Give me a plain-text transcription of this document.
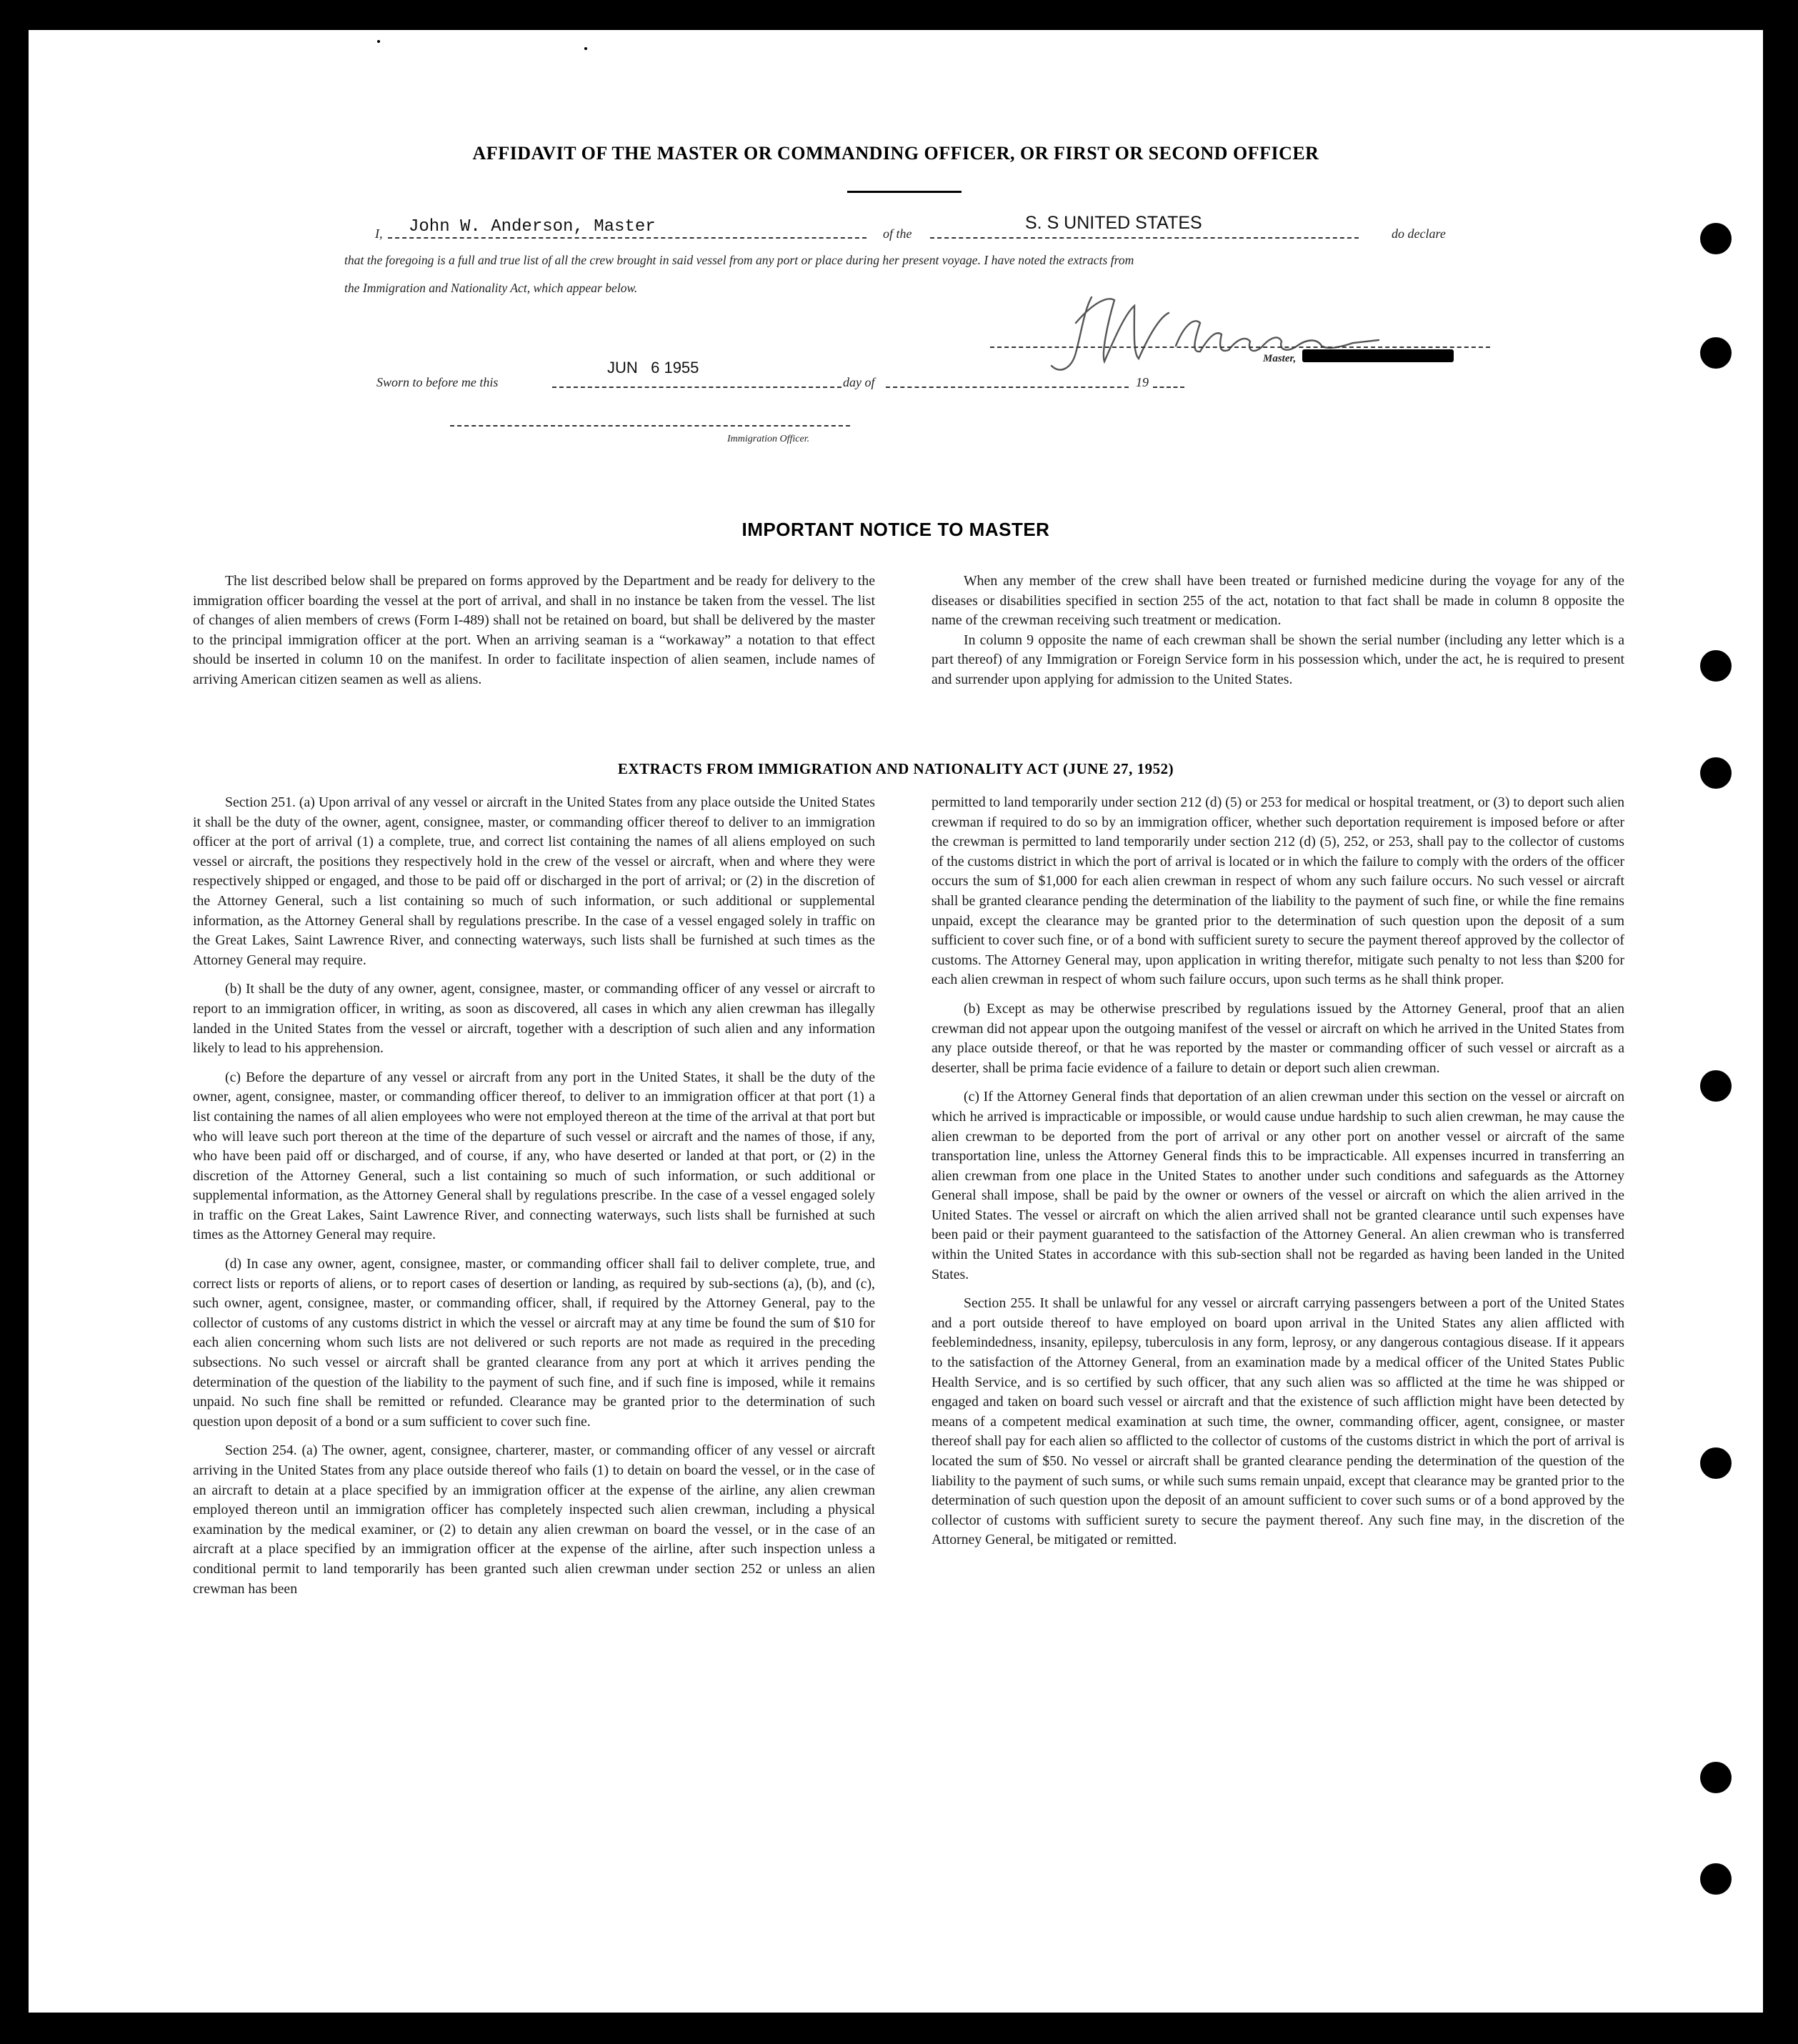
AFFIDAVIT OF THE MASTER OR COMMANDING OFFICER, OR FIRST OR SECOND OFFICER
I, John W. Anderson, Master	of the
S. S UNITED STATES
do declare
that the foregoing is a full and true list of all the crew brought in said vessel from any port or place during her present voyage. I have noted the extracts from
the Immigration and Nationality Act, which appear below.
Master,
Sworn to before me this
JUN   6 1955
day of	19
Immigration Officer.
IMPORTANT NOTICE TO MASTER

The list described below shall be prepared on forms approved by the Department and be ready for delivery to the immigration officer boarding the vessel at the port of arrival, and shall in no instance be taken from the vessel. The list of changes of alien members of crews (Form I-489) shall not be retained on board, but shall be delivered by the master to the principal immigration officer at the port. When an arriving seaman is a “workaway” a notation to that effect should be inserted in column 10 on the manifest. In order to facilitate inspection of alien seamen, include names of arriving American citizen seamen as well as aliens.

When any member of the crew shall have been treated or furnished medicine during the voyage for any of the diseases or disabilities specified in section 255 of the act, notation to that fact shall be made in column 8 opposite the name of the crewman receiving such treatment or medication.

In column 9 opposite the name of each crewman shall be shown the serial number (including any letter which is a part thereof) of any Immigration or Foreign Service form in his possession which, under the act, he is required to present and surrender upon applying for admission to the United States.

EXTRACTS FROM IMMIGRATION AND NATIONALITY ACT (JUNE 27, 1952)

Section 251. (a) Upon arrival of any vessel or aircraft in the United States from any place outside the United States it shall be the duty of the owner, agent, consignee, master, or commanding officer thereof to deliver to an immigration officer at the port of arrival (1) a complete, true, and correct list containing the names of all aliens employed on such vessel or aircraft, the positions they respectively hold in the crew of the vessel or aircraft, when and where they were respectively shipped or engaged, and those to be paid off or discharged in the port of arrival; or (2) in the discretion of the Attorney General, such a list containing so much of such information, or such additional or supplemental information, as the Attorney General shall by regulations prescribe. In the case of a vessel engaged solely in traffic on the Great Lakes, Saint Lawrence River, and connecting waterways, such lists shall be furnished at such times as the Attorney General may require.

(b) It shall be the duty of any owner, agent, consignee, master, or commanding officer of any vessel or aircraft to report to an immigration officer, in writing, as soon as discovered, all cases in which any alien crewman has illegally landed in the United States from the vessel or aircraft, together with a description of such alien and any information likely to lead to his apprehension.

(c) Before the departure of any vessel or aircraft from any port in the United States, it shall be the duty of the owner, agent, consignee, master, or commanding officer thereof, to deliver to an immigration officer at that port (1) a list containing the names of all alien employees who were not employed thereon at the time of the arrival at that port but who will leave such port thereon at the time of the departure of such vessel or aircraft and the names of those, if any, who have been paid off or discharged, and of course, if any, who have deserted or landed at that port, or (2) in the discretion of the Attorney General, such a list containing so much of such information, or such additional or supplemental information, as the Attorney General shall by regulations prescribe. In the case of a vessel engaged solely in traffic on the Great Lakes, Saint Lawrence River, and connecting waterways, such lists shall be furnished at such times as the Attorney General may require.

(d) In case any owner, agent, consignee, master, or commanding officer shall fail to deliver complete, true, and correct lists or reports of aliens, or to report cases of desertion or landing, as required by sub-sections (a), (b), and (c), such owner, agent, consignee, master, or commanding officer, shall, if required by the Attorney General, pay to the collector of customs of any customs district in which the vessel or aircraft may at any time be found the sum of $10 for each alien concerning whom such lists are not delivered or such reports are not made as required in the preceding subsections. No such vessel or aircraft shall be granted clearance from any port at which it arrives pending the determination of the question of the liability to the payment of such fine, and if such fine is imposed, while it remains unpaid. No such fine shall be remitted or refunded. Clearance may be granted prior to the determination of such question upon deposit of a bond or a sum sufficient to cover such fine.

Section 254. (a) The owner, agent, consignee, charterer, master, or commanding officer of any vessel or aircraft arriving in the United States from any place outside thereof who fails (1) to detain on board the vessel, or in the case of an aircraft to detain at a place specified by an immigration officer at the expense of the airline, any alien crewman employed thereon until an immigration officer has completely inspected such alien crewman, including a physical examination by the medical examiner, or (2) to detain any alien crewman on board the vessel, or in the case of an aircraft at a place specified by an immigration officer at the expense of the airline, after such inspection unless a conditional permit to land temporarily has been granted such alien crewman under section 252 or unless an alien crewman has been

permitted to land temporarily under section 212 (d) (5) or 253 for medical or hospital treatment, or (3) to deport such alien crewman if required to do so by an immigration officer, whether such deportation requirement is imposed before or after the crewman is permitted to land temporarily under section 212 (d) (5), 252, or 253, shall pay to the collector of customs of the customs district in which the port of arrival is located or in which the failure to comply with the orders of the officer occurs the sum of $1,000 for each alien crewman in respect of whom any such failure occurs. No such vessel or aircraft shall be granted clearance pending the determination of the liability to the payment of such fine, or while the fine remains unpaid, except the clearance may be granted prior to the determination of such question upon the deposit of a sum sufficient to cover such fine, or of a bond with sufficient surety to secure the payment thereof approved by the collector of customs. The Attorney General may, upon application in writing therefor, mitigate such penalty to not less than $200 for each alien crewman in respect of whom such failure occurs, upon such terms as he shall think proper.

(b) Except as may be otherwise prescribed by regulations issued by the Attorney General, proof that an alien crewman did not appear upon the outgoing manifest of the vessel or aircraft on which he arrived in the United States from any place outside thereof, or that he was reported by the master or commanding officer of such vessel or aircraft as a deserter, shall be prima facie evidence of a failure to detain or deport such alien crewman.

(c) If the Attorney General finds that deportation of an alien crewman under this section on the vessel or aircraft on which he arrived is impracticable or impossible, or would cause undue hardship to such alien crewman, he may cause the alien crewman to be deported from the port of arrival or any other port on another vessel or aircraft of the same transportation line, unless the Attorney General finds this to be impracticable. All expenses incurred in transferring an alien crewman from one place in the United States to another under such conditions and safeguards as the Attorney General shall impose, shall be paid by the owner or owners of the vessel or aircraft on which the alien arrived in the United States. The vessel or aircraft on which the alien arrived shall not be granted clearance until such expenses have been paid or their payment guaranteed to the satisfaction of the Attorney General. An alien crewman who is transferred within the United States in accordance with this sub-section shall not be regarded as having been landed in the United States.

Section 255. It shall be unlawful for any vessel or aircraft carrying passengers between a port of the United States and a port outside thereof to have employed on board upon arrival in the United States any alien afflicted with feeblemindedness, insanity, epilepsy, tuberculosis in any form, leprosy, or any dangerous contagious disease. If it appears to the satisfaction of the Attorney General, from an examination made by a medical officer of the United States Public Health Service, and is so certified by such officer, that any such alien was so afflicted at the time he was shipped or engaged and taken on board such vessel or aircraft and that the existence of such affliction might have been detected by means of a competent medical examination at such time, the owner, commanding officer, agent, consignee, or master thereof shall pay for each alien so afflicted to the collector of customs of the customs district in which the port of arrival is located the sum of $50. No vessel or aircraft shall be granted clearance pending the determination of the question of the liability to the payment of such sums, or while such sums remain unpaid, except that clearance may be granted prior to the determination of such question upon the deposit of an amount sufficient to cover such sums or of a bond approved by the collector of customs with sufficient surety to secure the payment thereof. Any such fine may, in the discretion of the Attorney General, be mitigated or remitted.
